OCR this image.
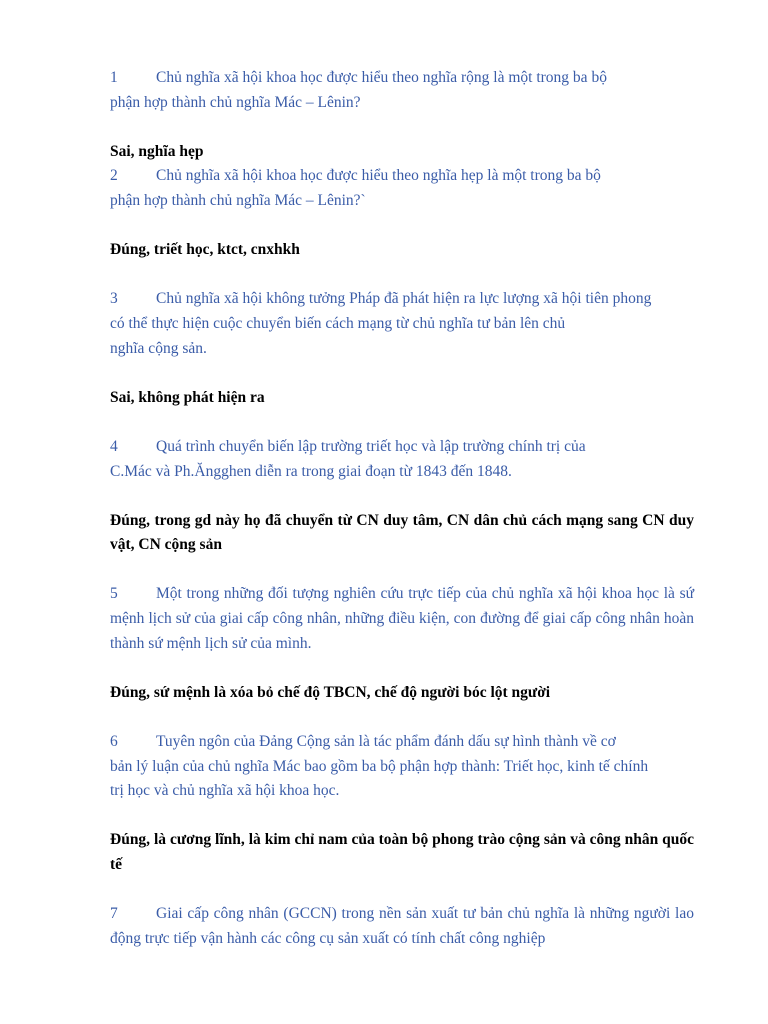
1 Chủ nghĩa xã hội khoa học được hiểu theo nghĩa rộng là một trong ba bộ
phận hợp thành chủ nghĩa Mác – Lênin?

Sai, nghĩa hẹp

2 Chủ nghĩa xã hội khoa học được hiểu theo nghĩa hẹp là một trong ba bộ
phận hợp thành chủ nghĩa Mác – Lênin?`

Đúng, triết học, ktct, cnxhkh

3 Chủ nghĩa xã hội không tưởng Pháp đã phát hiện ra lực lượng xã hội tiên phong
có thể thực hiện cuộc chuyển biến cách mạng từ chủ nghĩa tư bản lên chủ
nghĩa cộng sản.

Sai, không phát hiện ra

4 Quá trình chuyển biến lập trường triết học và lập trường chính trị của
C.Mác và Ph.Ăngghen diễn ra trong giai đoạn từ 1843 đến 1848.

Đúng, trong gd này họ đã chuyển từ CN duy tâm, CN dân chủ cách mạng sang CN duy vật, CN cộng sản

5 Một trong những đối tượng nghiên cứu trực tiếp của chủ nghĩa xã hội khoa học là sứ mệnh lịch sử của giai cấp công nhân, những điều kiện, con đường để giai cấp công nhân hoàn thành sứ mệnh lịch sử của mình.

Đúng, sứ mệnh là xóa bỏ chế độ TBCN, chế độ người bóc lột người

6 Tuyên ngôn của Đảng Cộng sản là tác phẩm đánh dấu sự hình thành về cơ
bản lý luận của chủ nghĩa Mác bao gồm ba bộ phận hợp thành: Triết học, kinh tế chính
trị học và chủ nghĩa xã hội khoa học.

Đúng, là cương lĩnh, là kim chỉ nam của toàn bộ phong trào cộng sản và công nhân quốc tế

7 Giai cấp công nhân (GCCN) trong nền sản xuất tư bản chủ nghĩa là những người lao động trực tiếp vận hành các công cụ sản xuất có tính chất công nghiệp
